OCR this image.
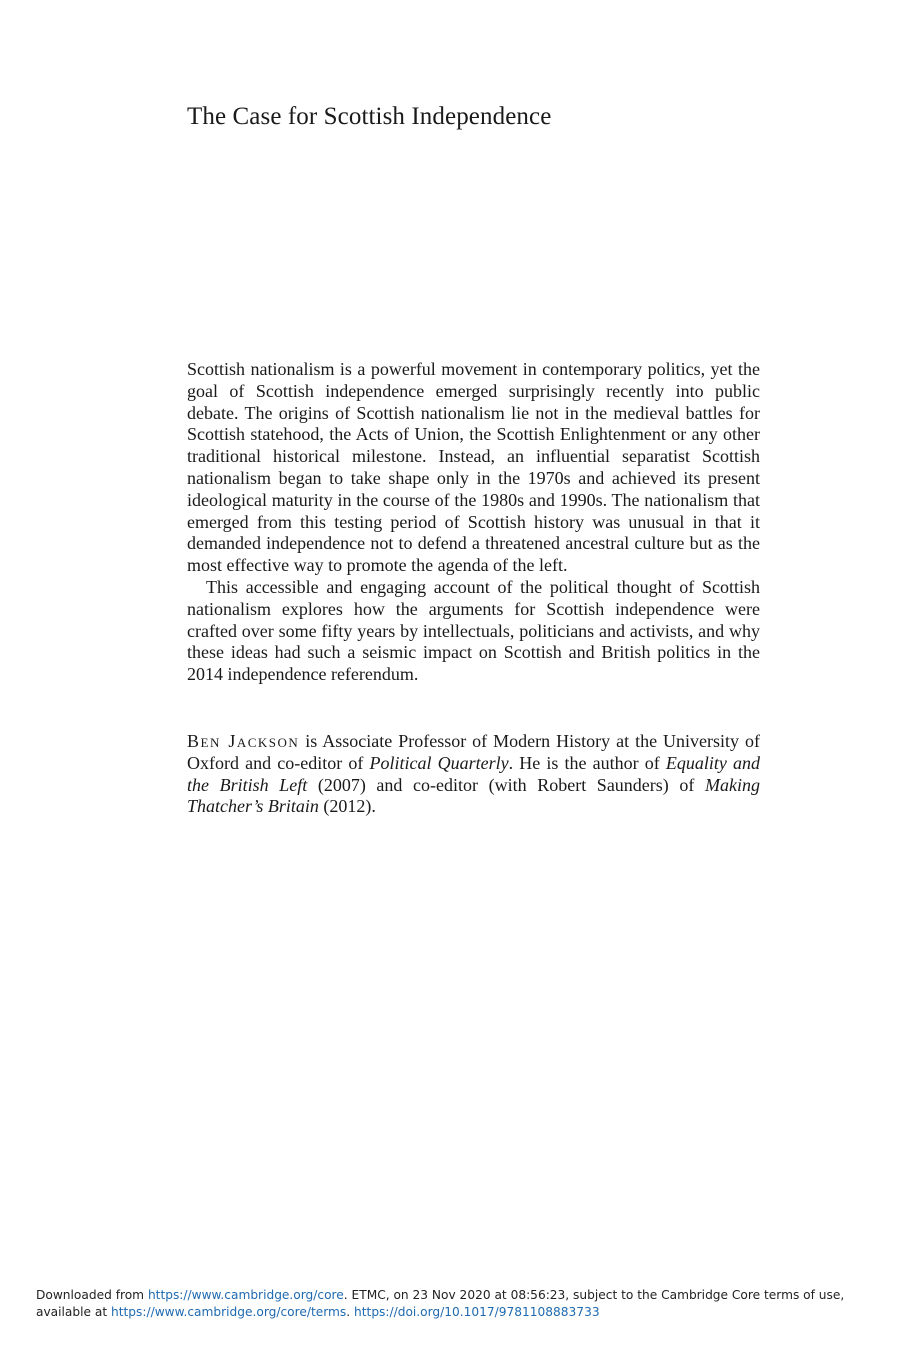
The Case for Scottish Independence

Scottish nationalism is a powerful movement in contemporary politics, yet the goal of Scottish independence emerged surprisingly recently into public debate. The origins of Scottish nationalism lie not in the medieval battles for Scottish statehood, the Acts of Union, the Scottish Enlightenment or any other traditional historical milestone. Instead, an influential separatist Scottish nationalism began to take shape only in the 1970s and achieved its present ideological maturity in the course of the 1980s and 1990s. The nationalism that emerged from this testing period of Scottish history was unusual in that it demanded independence not to defend a threatened ancestral culture but as the most effective way to promote the agenda of the left.

This accessible and engaging account of the political thought of Scottish nationalism explores how the arguments for Scottish independence were crafted over some fifty years by intellectuals, politicians and activists, and why these ideas had such a seismic impact on Scottish and British politics in the 2014 independence referendum.

Ben Jackson is Associate Professor of Modern History at the University of Oxford and co-editor of Political Quarterly. He is the author of Equality and the British Left (2007) and co-editor (with Robert Saunders) of Making Thatcher’s Britain (2012).

Downloaded from https://www.cambridge.org/core. ETMC, on 23 Nov 2020 at 08:56:23, subject to the Cambridge Core terms of use, available at https://www.cambridge.org/core/terms. https://doi.org/10.1017/9781108883733
